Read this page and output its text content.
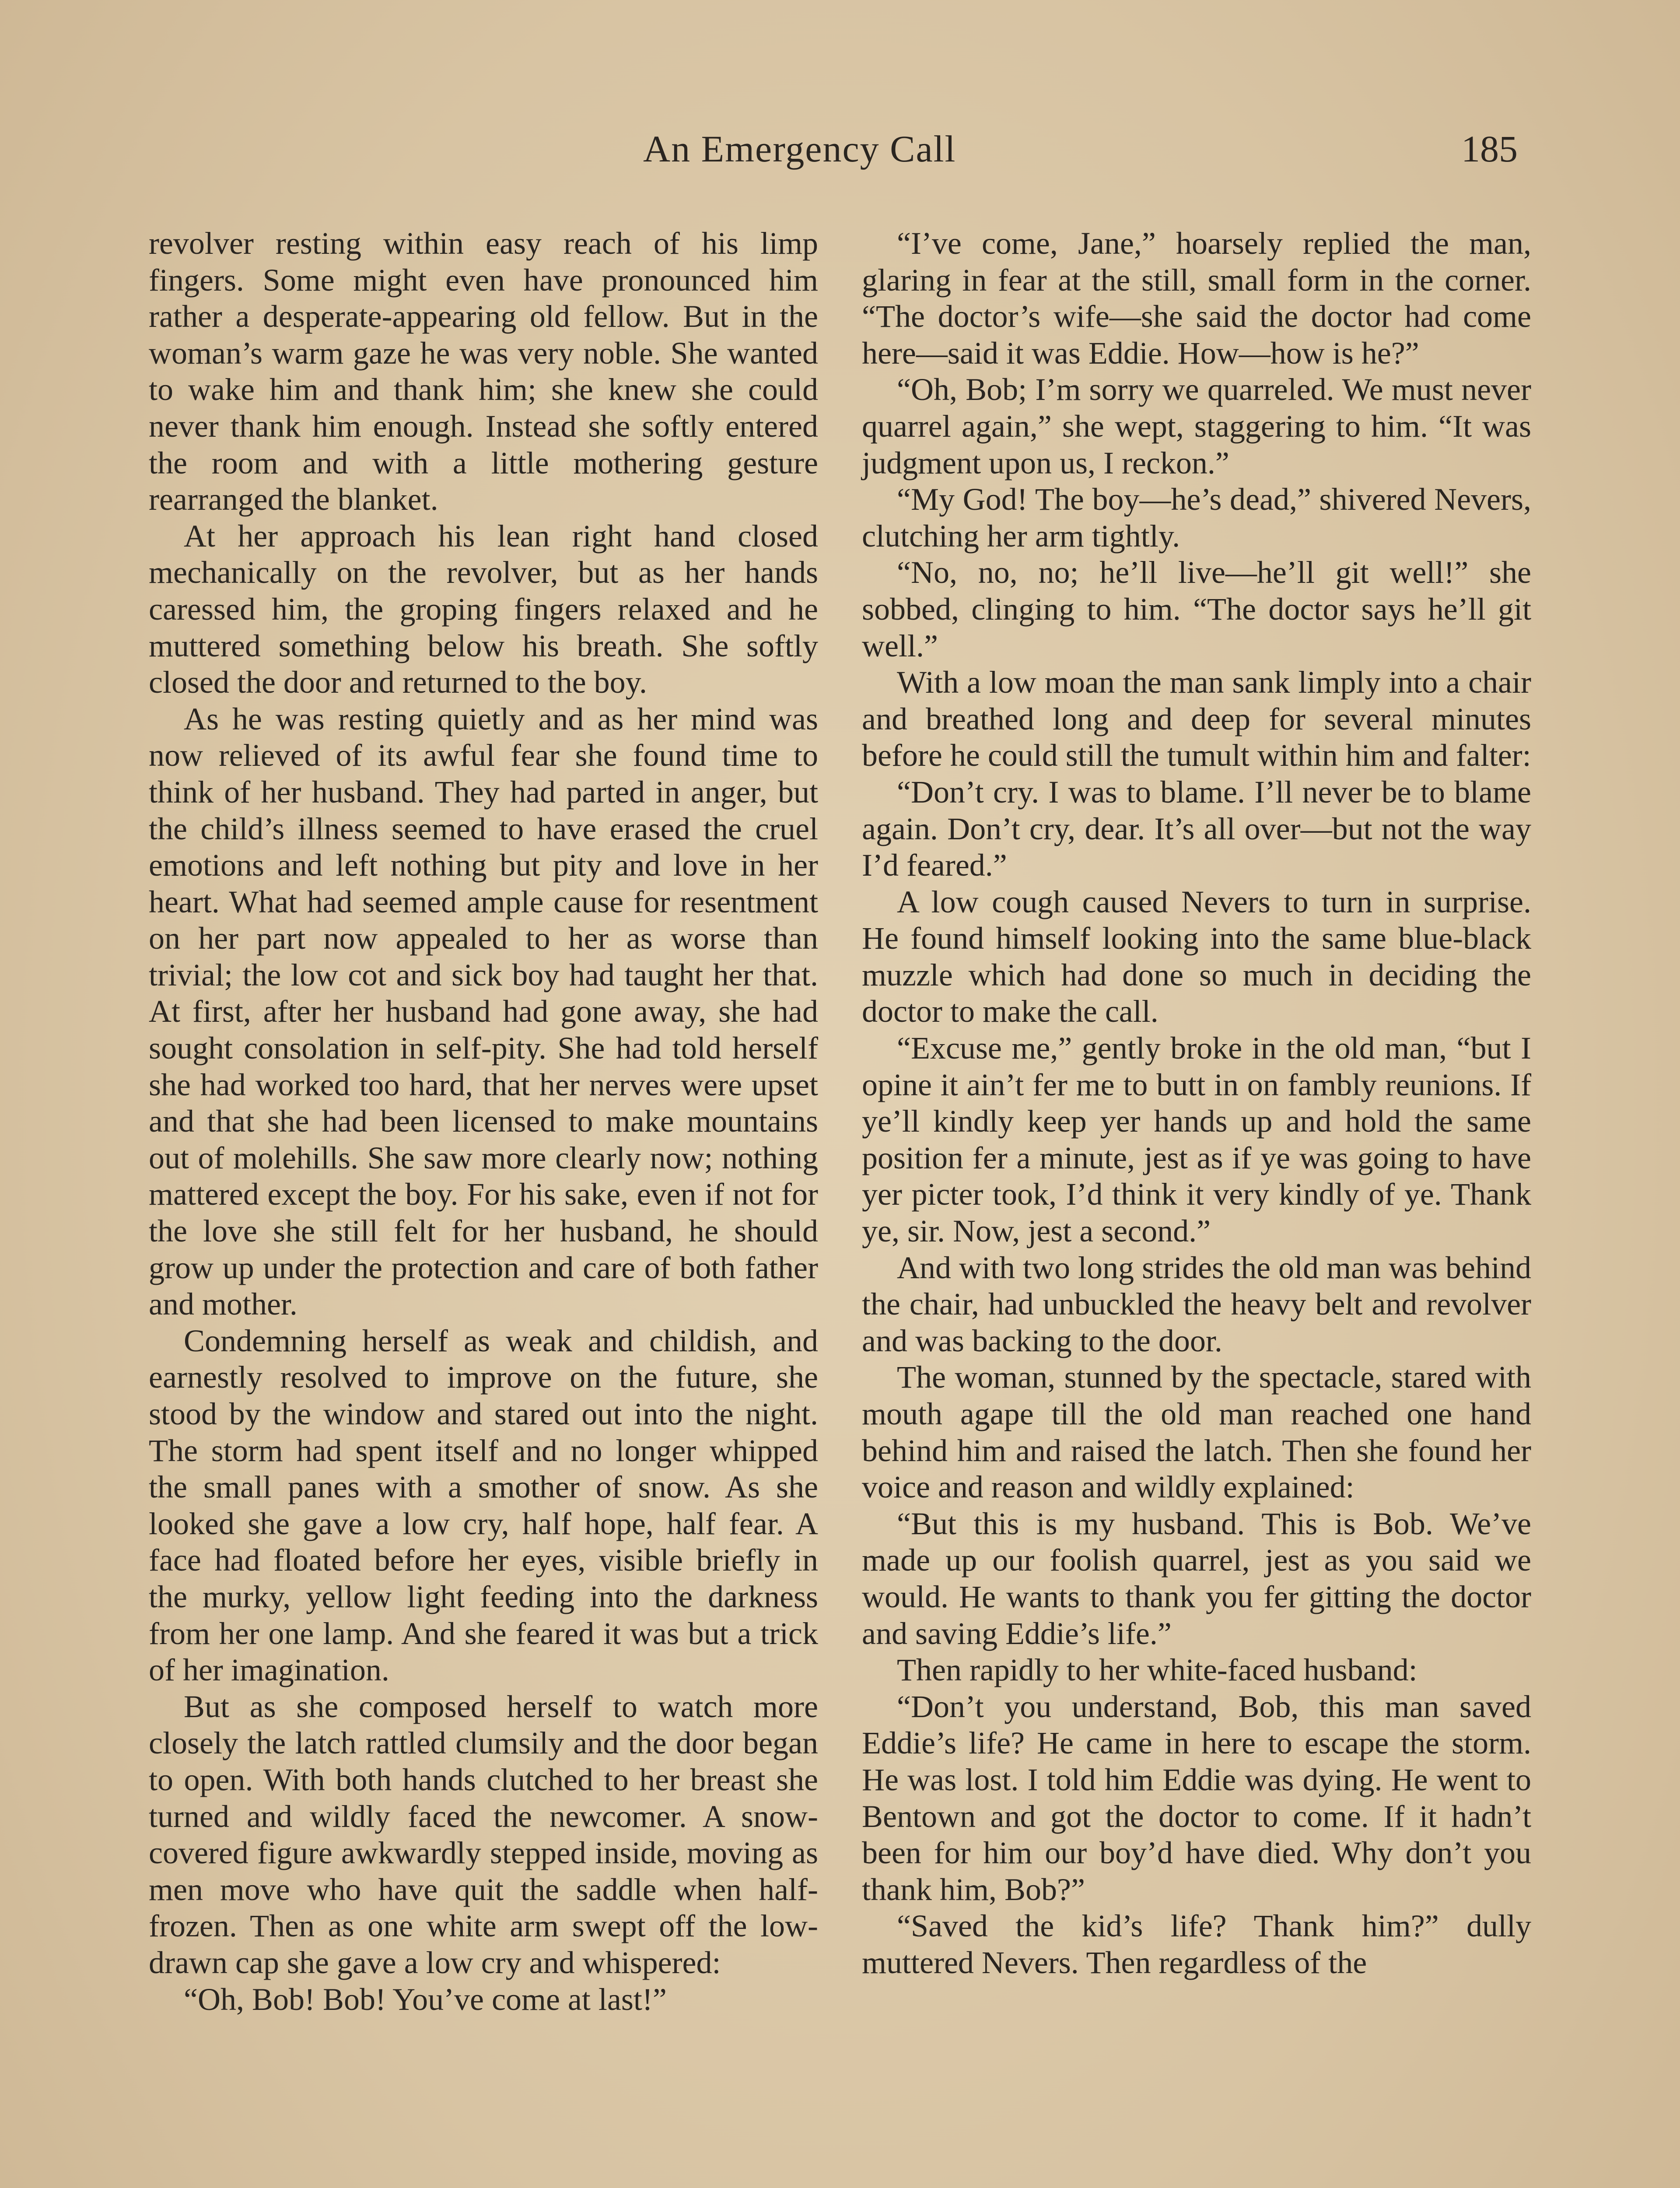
An Emergency Call	185

revolver resting within easy reach of his limp fingers. Some might even have pronounced him rather a desperate-appearing old fellow. But in the woman’s warm gaze he was very noble. She wanted to wake him and thank him; she knew she could never thank him enough. Instead she softly entered the room and with a little mothering gesture rearranged the blanket.

At her approach his lean right hand closed mechanically on the revolver, but as her hands caressed him, the groping fingers relaxed and he muttered something below his breath. She softly closed the door and returned to the boy.

As he was resting quietly and as her mind was now relieved of its awful fear she found time to think of her husband. They had parted in anger, but the child’s illness seemed to have erased the cruel emotions and left nothing but pity and love in her heart. What had seemed ample cause for resentment on her part now appealed to her as worse than trivial; the low cot and sick boy had taught her that. At first, after her husband had gone away, she had sought consolation in self-pity. She had told herself she had worked too hard, that her nerves were upset and that she had been licensed to make mountains out of molehills. She saw more clearly now; nothing mattered except the boy. For his sake, even if not for the love she still felt for her husband, he should grow up under the protection and care of both father and mother.

Condemning herself as weak and childish, and earnestly resolved to improve on the future, she stood by the window and stared out into the night. The storm had spent itself and no longer whipped the small panes with a smother of snow. As she looked she gave a low cry, half hope, half fear. A face had floated before her eyes, visible briefly in the murky, yellow light feeding into the darkness from her one lamp. And she feared it was but a trick of her imagination.

But as she composed herself to watch more closely the latch rattled clumsily and the door began to open. With both hands clutched to her breast she turned and wildly faced the newcomer. A snow-covered figure awkwardly stepped inside, moving as men move who have quit the saddle when half-frozen. Then as one white arm swept off the low-drawn cap she gave a low cry and whispered:

“Oh, Bob! Bob! You’ve come at last!”

“I’ve come, Jane,” hoarsely replied the man, glaring in fear at the still, small form in the corner. “The doctor’s wife—she said the doctor had come here—said it was Eddie. How—how is he?”

“Oh, Bob; I’m sorry we quarreled. We must never quarrel again,” she wept, staggering to him. “It was judgment upon us, I reckon.”

“My God! The boy—he’s dead,” shivered Nevers, clutching her arm tightly.

“No, no, no; he’ll live—he’ll git well!” she sobbed, clinging to him. “The doctor says he’ll git well.”

With a low moan the man sank limply into a chair and breathed long and deep for several minutes before he could still the tumult within him and falter:

“Don’t cry. I was to blame. I’ll never be to blame again. Don’t cry, dear. It’s all over—but not the way I’d feared.”

A low cough caused Nevers to turn in surprise. He found himself looking into the same blue-black muzzle which had done so much in deciding the doctor to make the call.

“Excuse me,” gently broke in the old man, “but I opine it ain’t fer me to butt in on fambly reunions. If ye’ll kindly keep yer hands up and hold the same position fer a minute, jest as if ye was going to have yer picter took, I’d think it very kindly of ye. Thank ye, sir. Now, jest a second.”

And with two long strides the old man was behind the chair, had unbuckled the heavy belt and revolver and was backing to the door.

The woman, stunned by the spectacle, stared with mouth agape till the old man reached one hand behind him and raised the latch. Then she found her voice and reason and wildly explained:

“But this is my husband. This is Bob. We’ve made up our foolish quarrel, jest as you said we would. He wants to thank you fer gitting the doctor and saving Eddie’s life.”

Then rapidly to her white-faced husband:

“Don’t you understand, Bob, this man saved Eddie’s life? He came in here to escape the storm. He was lost. I told him Eddie was dying. He went to Bentown and got the doctor to come. If it hadn’t been for him our boy’d have died. Why don’t you thank him, Bob?”

“Saved the kid’s life? Thank him?” dully muttered Nevers. Then regardless of the
